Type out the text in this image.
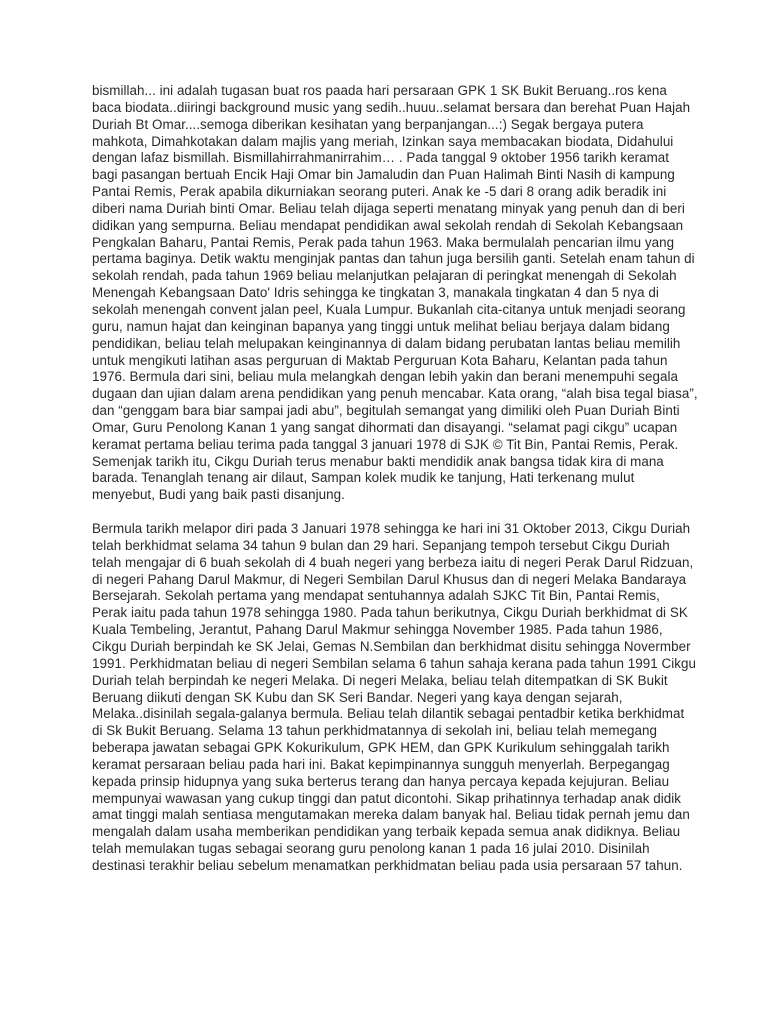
bismillah... ini adalah tugasan buat ros paada hari persaraan GPK 1 SK Bukit Beruang..ros kena baca biodata..diiringi background music yang sedih..huuu..selamat bersara dan berehat Puan Hajah Duriah Bt Omar....semoga diberikan kesihatan yang berpanjangan...:) Segak bergaya putera mahkota, Dimahkotakan dalam majlis yang meriah, Izinkan saya membacakan biodata, Didahului dengan lafaz bismillah. Bismillahirrahmanirrahim… . Pada tanggal 9 oktober 1956 tarikh keramat bagi pasangan bertuah Encik Haji Omar bin Jamaludin dan Puan Halimah Binti Nasih di kampung Pantai Remis, Perak apabila dikurniakan seorang puteri. Anak ke -5 dari 8 orang adik beradik ini diberi nama Duriah binti Omar. Beliau telah dijaga seperti menatang minyak yang penuh dan di beri didikan yang sempurna. Beliau mendapat pendidikan awal sekolah rendah di Sekolah Kebangsaan Pengkalan Baharu, Pantai Remis, Perak pada tahun 1963. Maka bermulalah pencarian ilmu yang pertama baginya. Detik waktu menginjak pantas dan tahun juga bersilih ganti. Setelah enam tahun di sekolah rendah, pada tahun 1969 beliau melanjutkan pelajaran di peringkat menengah di Sekolah Menengah Kebangsaan Dato' Idris sehingga ke tingkatan 3, manakala tingkatan 4 dan 5 nya di sekolah menengah convent jalan peel, Kuala Lumpur. Bukanlah cita-citanya untuk menjadi seorang guru, namun hajat dan keinginan bapanya yang tinggi untuk melihat beliau berjaya dalam bidang pendidikan, beliau telah melupakan keinginannya di dalam bidang perubatan lantas beliau memilih untuk mengikuti latihan asas perguruan di Maktab Perguruan Kota Baharu, Kelantan pada tahun 1976. Bermula dari sini, beliau mula melangkah dengan lebih yakin dan berani menempuhi segala dugaan dan ujian dalam arena pendidikan yang penuh mencabar. Kata orang, “alah bisa tegal biasa”, dan “genggam bara biar sampai jadi abu”, begitulah semangat yang dimiliki oleh Puan Duriah Binti Omar, Guru Penolong Kanan 1 yang sangat dihormati dan disayangi. “selamat pagi cikgu” ucapan keramat pertama beliau terima pada tanggal 3 januari 1978 di SJK © Tit Bin, Pantai Remis, Perak. Semenjak tarikh itu, Cikgu Duriah terus menabur bakti mendidik anak bangsa tidak kira di mana barada. Tenanglah tenang air dilaut, Sampan kolek mudik ke tanjung, Hati terkenang mulut menyebut, Budi yang baik pasti disanjung.

Bermula tarikh melapor diri pada 3 Januari 1978 sehingga ke hari ini 31 Oktober 2013, Cikgu Duriah telah berkhidmat selama 34 tahun 9 bulan dan 29 hari. Sepanjang tempoh tersebut Cikgu Duriah telah mengajar di 6 buah sekolah di 4 buah negeri yang berbeza iaitu di negeri Perak Darul Ridzuan, di negeri Pahang Darul Makmur, di Negeri Sembilan Darul Khusus dan di negeri Melaka Bandaraya Bersejarah. Sekolah pertama yang mendapat sentuhannya adalah SJKC Tit Bin, Pantai Remis, Perak iaitu pada tahun 1978 sehingga 1980. Pada tahun berikutnya, Cikgu Duriah berkhidmat di SK Kuala Tembeling, Jerantut, Pahang Darul Makmur sehingga November 1985. Pada tahun 1986, Cikgu Duriah berpindah ke SK Jelai, Gemas N.Sembilan dan berkhidmat disitu sehingga Novermber 1991. Perkhidmatan beliau di negeri Sembilan selama 6 tahun sahaja kerana pada tahun 1991 Cikgu Duriah telah berpindah ke negeri Melaka. Di negeri Melaka, beliau telah ditempatkan di SK Bukit Beruang diikuti dengan SK Kubu dan SK Seri Bandar. Negeri yang kaya dengan sejarah, Melaka..disinilah segala-galanya bermula. Beliau telah dilantik sebagai pentadbir ketika berkhidmat di Sk Bukit Beruang. Selama 13 tahun perkhidmatannya di sekolah ini, beliau telah memegang beberapa jawatan sebagai GPK Kokurikulum, GPK HEM, dan GPK Kurikulum sehinggalah tarikh keramat persaraan beliau pada hari ini. Bakat kepimpinannya sungguh menyerlah. Berpegangag kepada prinsip hidupnya yang suka berterus terang dan hanya percaya kepada kejujuran. Beliau mempunyai wawasan yang cukup tinggi dan patut dicontohi. Sikap prihatinnya terhadap anak didik amat tinggi malah sentiasa mengutamakan mereka dalam banyak hal. Beliau tidak pernah jemu dan mengalah dalam usaha memberikan pendidikan yang terbaik kepada semua anak didiknya. Beliau telah memulakan tugas sebagai seorang guru penolong kanan 1 pada 16 julai 2010. Disinilah destinasi terakhir beliau sebelum menamatkan perkhidmatan beliau pada usia persaraan 57 tahun.
